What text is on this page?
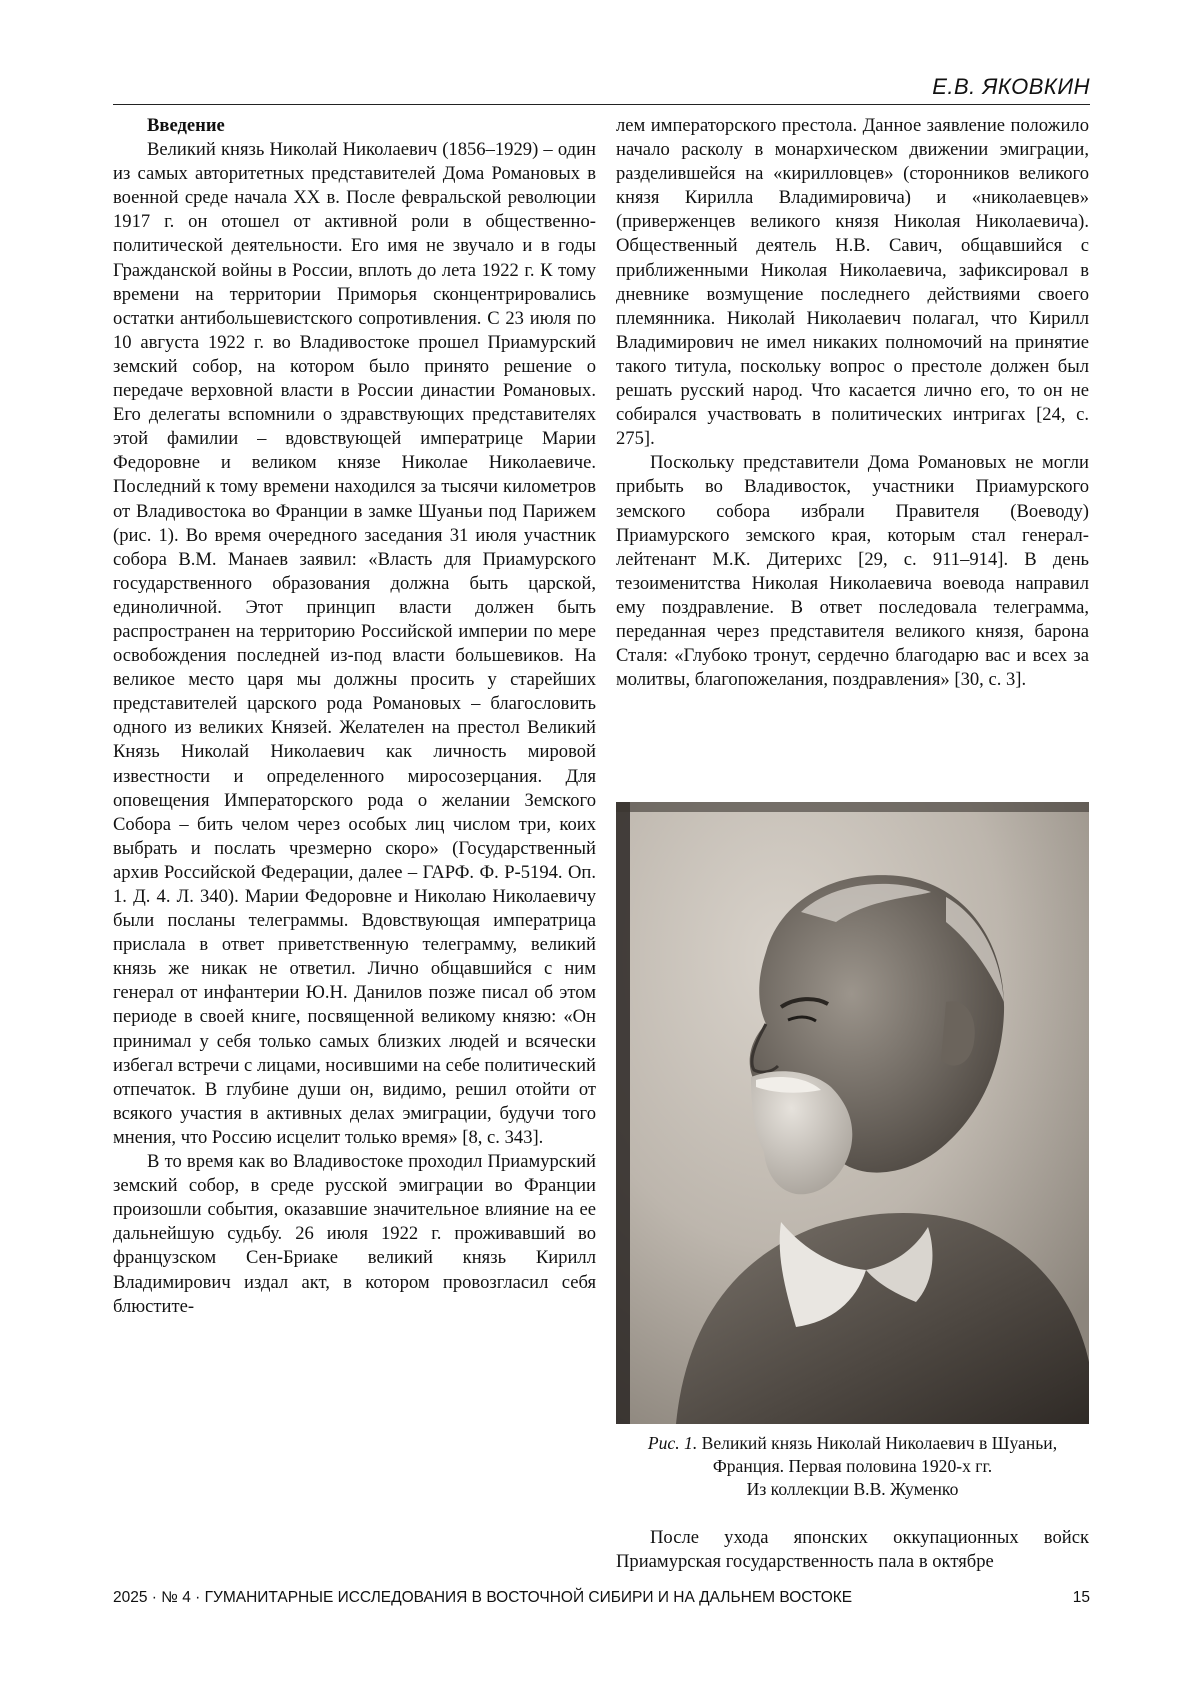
Е.В. ЯКОВКИН
Введение

Великий князь Николай Николаевич (1856–1929) – один из самых авторитетных представителей Дома Романовых в военной среде начала XX в. После февральской революции 1917 г. он отошел от активной роли в общественно-политической деятельности. Его имя не звучало и в годы Гражданской войны в России, вплоть до лета 1922 г. К тому времени на территории Приморья сконцентрировались остатки антибольшевистского сопротивления. С 23 июля по 10 августа 1922 г. во Владивостоке прошел Приамурский земский собор, на котором было принято решение о передаче верховной власти в России династии Романовых. Его делегаты вспомнили о здравствующих представителях этой фамилии – вдовствующей императрице Марии Федоровне и великом князе Николае Николаевиче. Последний к тому времени находился за тысячи километров от Владивостока во Франции в замке Шуаньи под Парижем (рис. 1). Во время очередного заседания 31 июля участник собора В.М. Манаев заявил: «Власть для Приамурского государственного образования должна быть царской, единоличной. Этот принцип власти должен быть распространен на территорию Российской империи по мере освобождения последней из-под власти большевиков. На великое место царя мы должны просить у старейших представителей царского рода Романовых – благословить одного из великих Князей. Желателен на престол Великий Князь Николай Николаевич как личность мировой известности и определенного миросозерцания. Для оповещения Императорского рода о желании Земского Собора – бить челом через особых лиц числом три, коих выбрать и послать чрезмерно скоро» (Государственный архив Российской Федерации, далее – ГАРФ. Ф. Р-5194. Оп. 1. Д. 4. Л. 340). Марии Федоровне и Николаю Николаевичу были посланы телеграммы. Вдовствующая императрица прислала в ответ приветственную телеграмму, великий князь же никак не ответил. Лично общавшийся с ним генерал от инфантерии Ю.Н. Данилов позже писал об этом периоде в своей книге, посвященной великому князю: «Он принимал у себя только самых близких людей и всячески избегал встречи с лицами, носившими на себе политический отпечаток. В глубине души он, видимо, решил отойти от всякого участия в активных делах эмиграции, будучи того мнения, что Россию исцелит только время» [8, с. 343].

В то время как во Владивостоке проходил Приамурский земский собор, в среде русской эмиграции во Франции произошли события, оказавшие значительное влияние на ее дальнейшую судьбу. 26 июля 1922 г. проживавший во французском Сен-Бриаке великий князь Кирилл Владимирович издал акт, в котором провозгласил себя блюстите-

лем императорского престола. Данное заявление положило начало расколу в монархическом движении эмиграции, разделившейся на «кирилловцев» (сторонников великого князя Кирилла Владимировича) и «николаевцев» (приверженцев великого князя Николая Николаевича). Общественный деятель Н.В. Савич, общавшийся с приближенными Николая Николаевича, зафиксировал в дневнике возмущение последнего действиями своего племянника. Николай Николаевич полагал, что Кирилл Владимирович не имел никаких полномочий на принятие такого титула, поскольку вопрос о престоле должен был решать русский народ. Что касается лично его, то он не собирался участвовать в политических интригах [24, с. 275].

Поскольку представители Дома Романовых не могли прибыть во Владивосток, участники Приамурского земского собора избрали Правителя (Воеводу) Приамурского земского края, которым стал генерал-лейтенант М.К. Дитерихс [29, с. 911–914]. В день тезоименитства Николая Николаевича воевода направил ему поздравление. В ответ последовала телеграмма, переданная через представителя великого князя, барона Сталя: «Глубоко тронут, сердечно благодарю вас и всех за молитвы, благопожелания, поздравления» [30, с. 3].

Рис. 1. Великий князь Николай Николаевич в Шуаньи,
Франция. Первая половина 1920-х гг.
Из коллекции В.В. Жуменко

После ухода японских оккупационных войск Приамурская государственность пала в октябре

2025 · № 4 · ГУМАНИТАРНЫЕ ИССЛЕДОВАНИЯ В ВОСТОЧНОЙ СИБИРИ И НА ДАЛЬНЕМ ВОСТОКЕ	15
